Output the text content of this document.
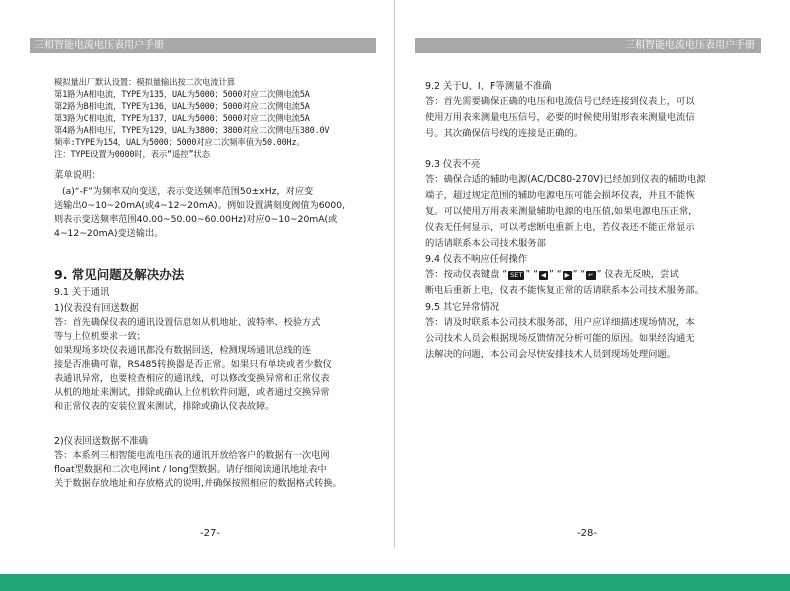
三相智能电流电压表用户手册
模拟量出厂默认设置：模拟量输出按二次电流计算
第1路为A相电流，TYPE为135，UAL为5000；5000对应二次侧电流5A
第2路为B相电流，TYPE为136，UAL为5000；5000对应二次侧电流5A
第3路为C相电流，TYPE为137，UAL为5000；5000对应二次侧电流5A
第4路为A相电压，TYPE为129，UAL为3800；3800对应二次侧电压380.0V
频率:TYPE为154，UAL为5000；5000对应二次频率值为50.00Hz。
注：TYPE设置为0000时，表示“遥控”状态
菜单说明：
(a)“-F”为频率双向变送，表示变送频率范围50±xHz，对应变
送输出0~10~20mA(或4~12~20mA)。例如设置满刻度阀值为6000,
则表示变送频率范围40.00~50.00~60.00Hz)对应0~10~20mA(或
4~12~20mA)变送输出。
9. 常见问题及解决办法
9.1 关于通讯
1)仪表没有回送数据
答：首先确保仪表的通讯设置信息如从机地址、波特率、校验方式
等与上位机要求一致；
如果现场多块仪表通讯都没有数据回送，检测现场通讯总线的连
接是否准确可靠，RS485转换器是否正常。如果只有单块或者少数仪
表通讯异常，也要检查相应的通讯线，可以修改变换异常和正常仪表
从机的地址来测试，排除或确认上位机软件问题，或者通过交换异常
和正常仪表的安装位置来测试，排除或确认仪表故障。
2)仪表回送数据不准确
答：本系列三相智能电流电压表的通讯开放给客户的数据有一次电网
float型数据和二次电网int / long型数据。请仔细阅读通讯地址表中
关于数据存放地址和存放格式的说明,并确保按照相应的数据格式转换。
-27-
三相智能电流电压表用户手册
9.2 关于U、I、F等测量不准确
答：首先需要确保正确的电压和电流信号已经连接到仪表上，可以
使用万用表来测量电压信号，必要的时候使用钳形表来测量电流信
号。其次确保信号线的连接是正确的。
9.3 仪表不亮
答：确保合适的辅助电源(AC/DC80-270V)已经加到仪表的辅助电源
端子，超过规定范围的辅助电源电压可能会损坏仪表，并且不能恢
复。可以使用万用表来测量辅助电源的电压值,如果电源电压正常,
仪表无任何显示，可以考虑断电重新上电，若仪表还不能正常显示
的话请联系本公司技术服务部
9.4 仪表不响应任何操作
答：按动仪表键盘 “ SET ” “ ◀ ” “ ▶ ” “ ↵ ” 仪表无反映，尝试
断电后重新上电，仪表不能恢复正常的话请联系本公司技术服务部。
9.5 其它异常情况
答：请及时联系本公司技术服务部，用户应详细描述现场情况，本
公司技术人员会根据现场反馈情况分析可能的原因。如果经沟通无
法解决的问题，本公司会尽快安排技术人员到现场处理问题。
-28-
